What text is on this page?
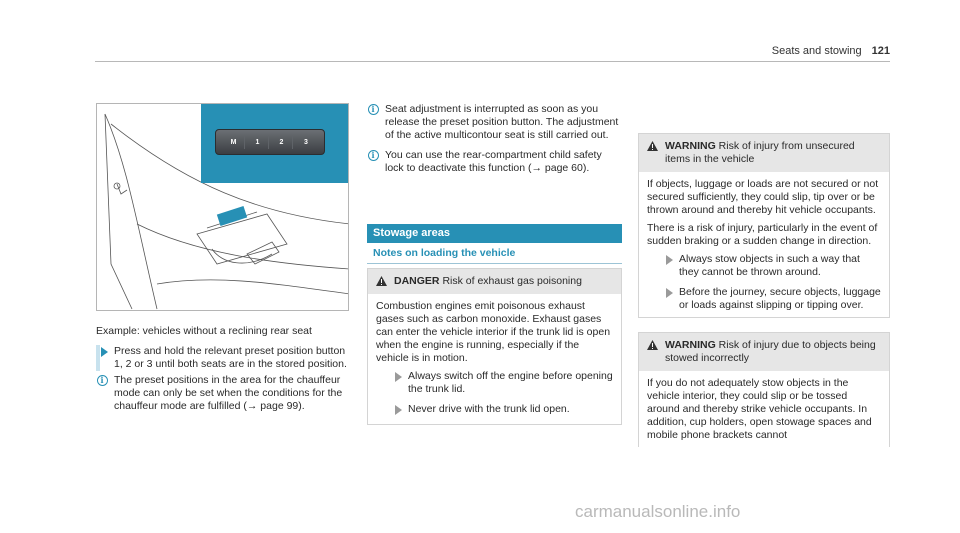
Seats and stowing 121
M	1	2	3
Example: vehicles without a reclining rear seat
Press and hold the relevant preset position button 1, 2 or 3 until both seats are in the stored position.
i The preset positions in the area for the chauffeur mode can only be set when the conditions for the chauffeur mode are fulfilled (→ page 99).
i Seat adjustment is interrupted as soon as you release the preset position button. The adjustment of the active multicontour seat is still carried out.
i You can use the rear-compartment child safety lock to deactivate this function (→ page 60).
Stowage areas
Notes on loading the vehicle
DANGER Risk of exhaust gas poisoning

Combustion engines emit poisonous exhaust gases such as carbon monoxide. Exhaust gases can enter the vehicle interior if the trunk lid is open when the engine is running, especially if the vehicle is in motion.

Always switch off the engine before opening the trunk lid.
Never drive with the trunk lid open.
WARNING Risk of injury from unsecured items in the vehicle

If objects, luggage or loads are not secured or not secured sufficiently, they could slip, tip over or be thrown around and thereby hit vehicle occupants.

There is a risk of injury, particularly in the event of sudden braking or a sudden change in direction.

Always stow objects in such a way that they cannot be thrown around.
Before the journey, secure objects, luggage or loads against slipping or tipping over.
WARNING Risk of injury due to objects being stowed incorrectly

If you do not adequately stow objects in the vehicle interior, they could slip or be tossed around and thereby strike vehicle occupants. In addition, cup holders, open stowage spaces and mobile phone brackets cannot

carmanualsonline.info
